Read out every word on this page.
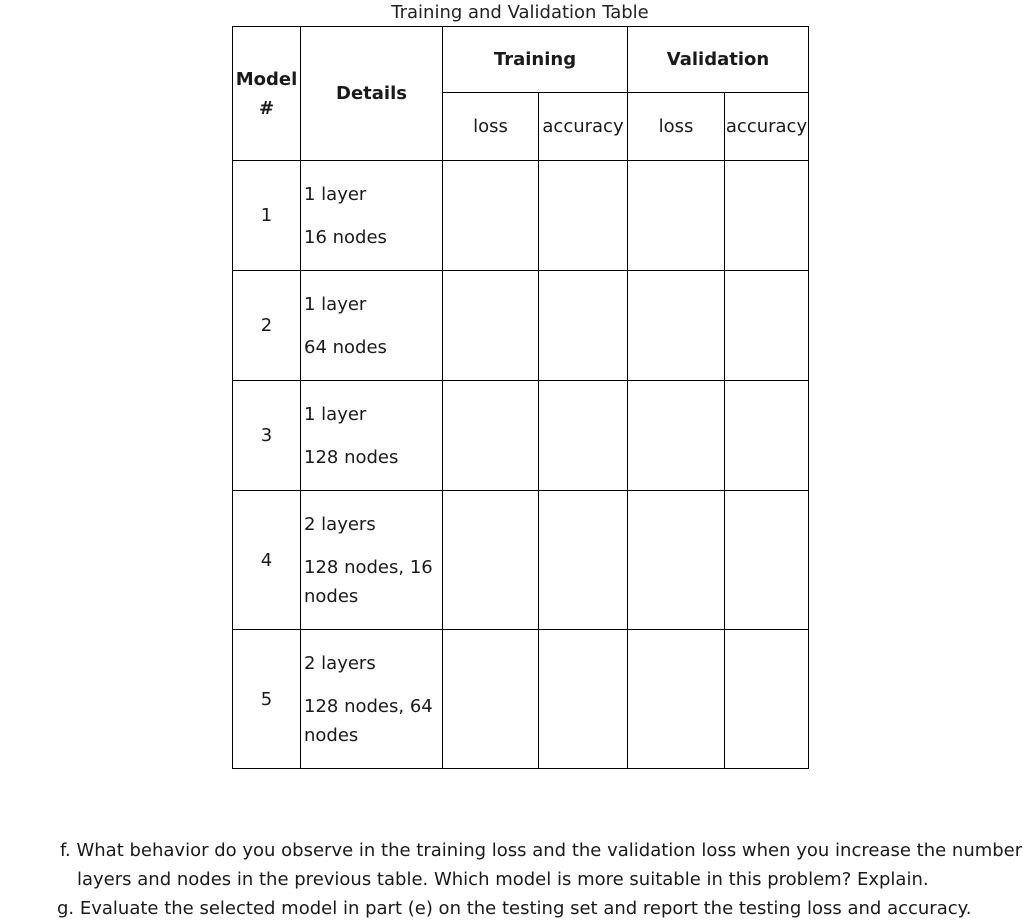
Training and Validation Table
Model
#	Details	Training		Validation	
		loss	accuracy	loss	accuracy
1	1 layer
16 nodes				

2	1 layer
64 nodes				

3	1 layer
128 nodes				

4	2 layers
128 nodes, 16
nodes				

5	2 layers
128 nodes, 64
nodes				

f. What behavior do you observe in the training loss and the validation loss when you increase the number
layers and nodes in the previous table. Which model is more suitable in this problem? Explain.
g. Evaluate the selected model in part (e) on the testing set and report the testing loss and accuracy.
